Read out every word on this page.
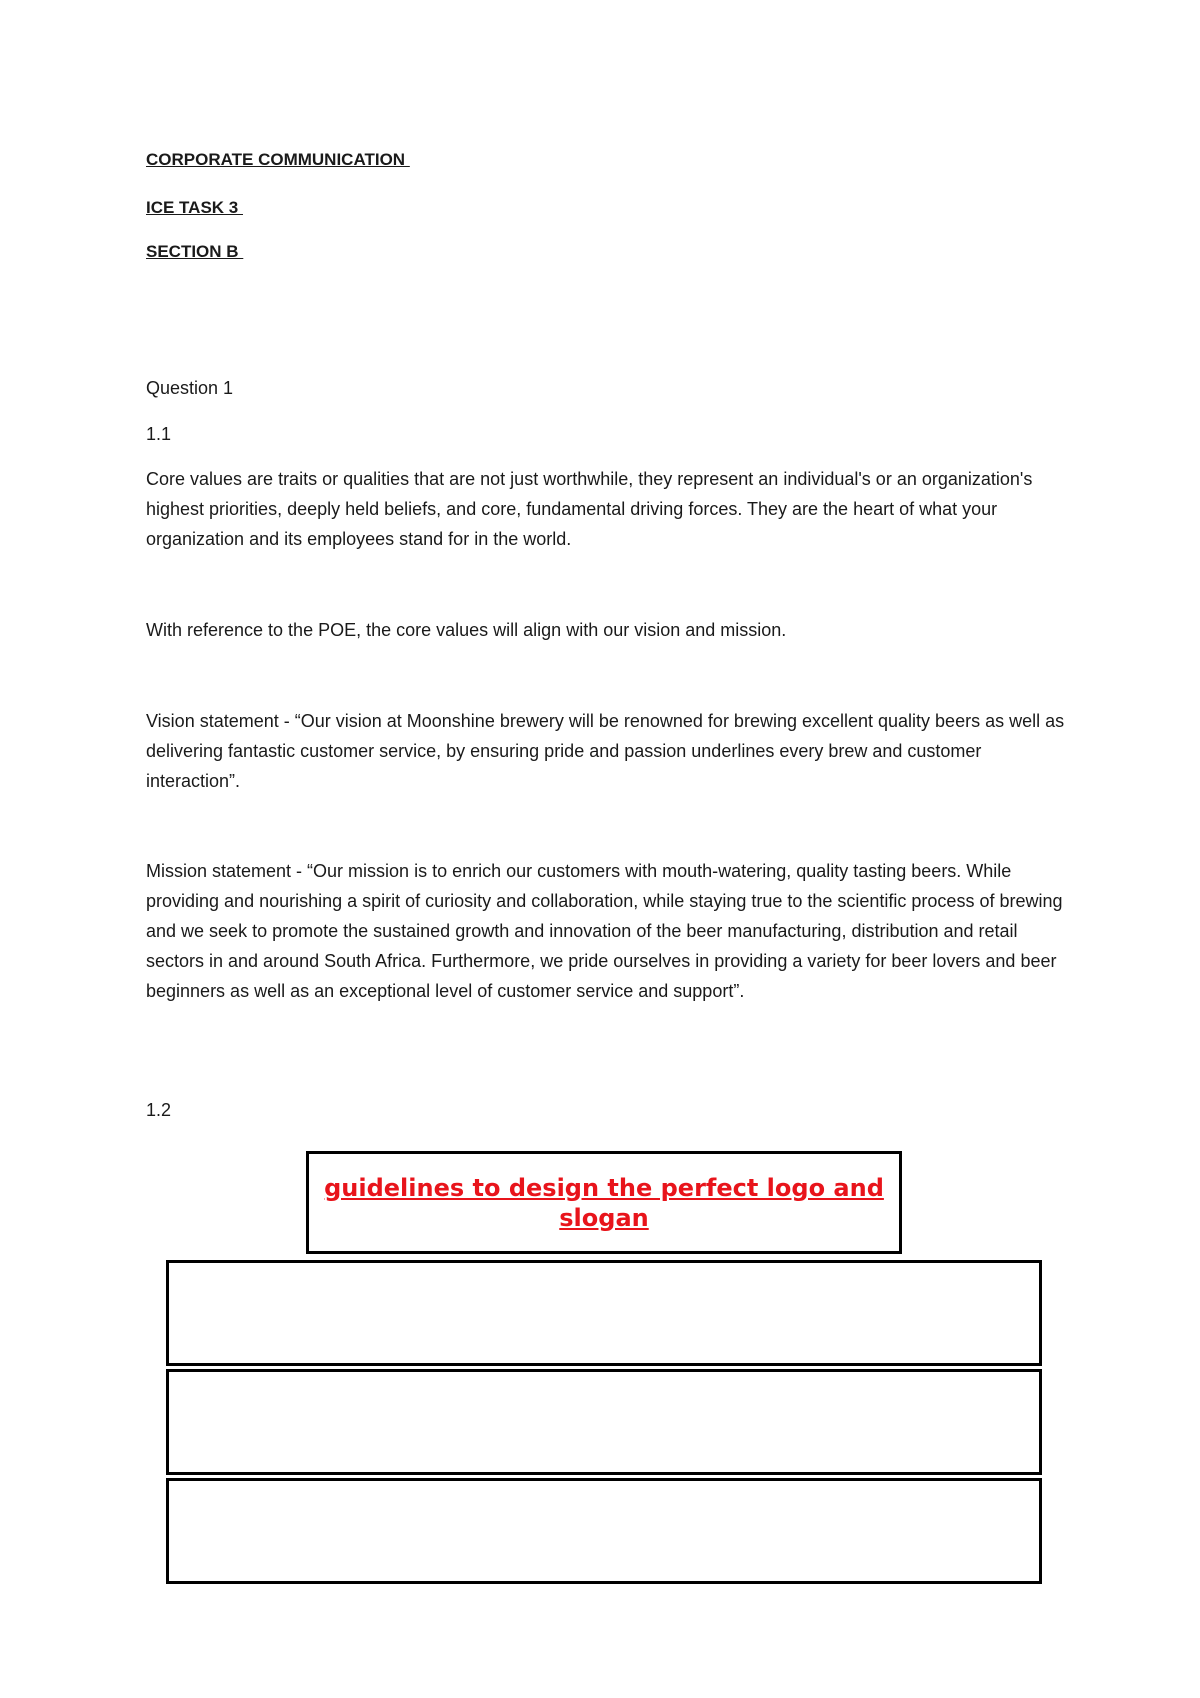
CORPORATE COMMUNICATION
ICE TASK 3
SECTION B
Question 1
1.1
Core values are traits or qualities that are not just worthwhile, they represent an individual's or an organization's highest priorities, deeply held beliefs, and core, fundamental driving forces. They are the heart of what your organization and its employees stand for in the world.
With reference to the POE, the core values will align with our vision and mission.
Vision statement - “Our vision at Moonshine brewery will be renowned for brewing excellent quality beers as well as delivering fantastic customer service, by ensuring pride and passion underlines every brew and customer interaction”.
Mission statement - “Our mission is to enrich our customers with mouth-watering, quality tasting beers. While providing and nourishing a spirit of curiosity and collaboration, while staying true to the scientific process of brewing and we seek to promote the sustained growth and innovation of the beer manufacturing, distribution and retail sectors in and around South Africa. Furthermore, we pride ourselves in providing a variety for beer lovers and beer beginners as well as an exceptional level of customer service and support”.
1.2
guidelines to design the perfect logo and
slogan
